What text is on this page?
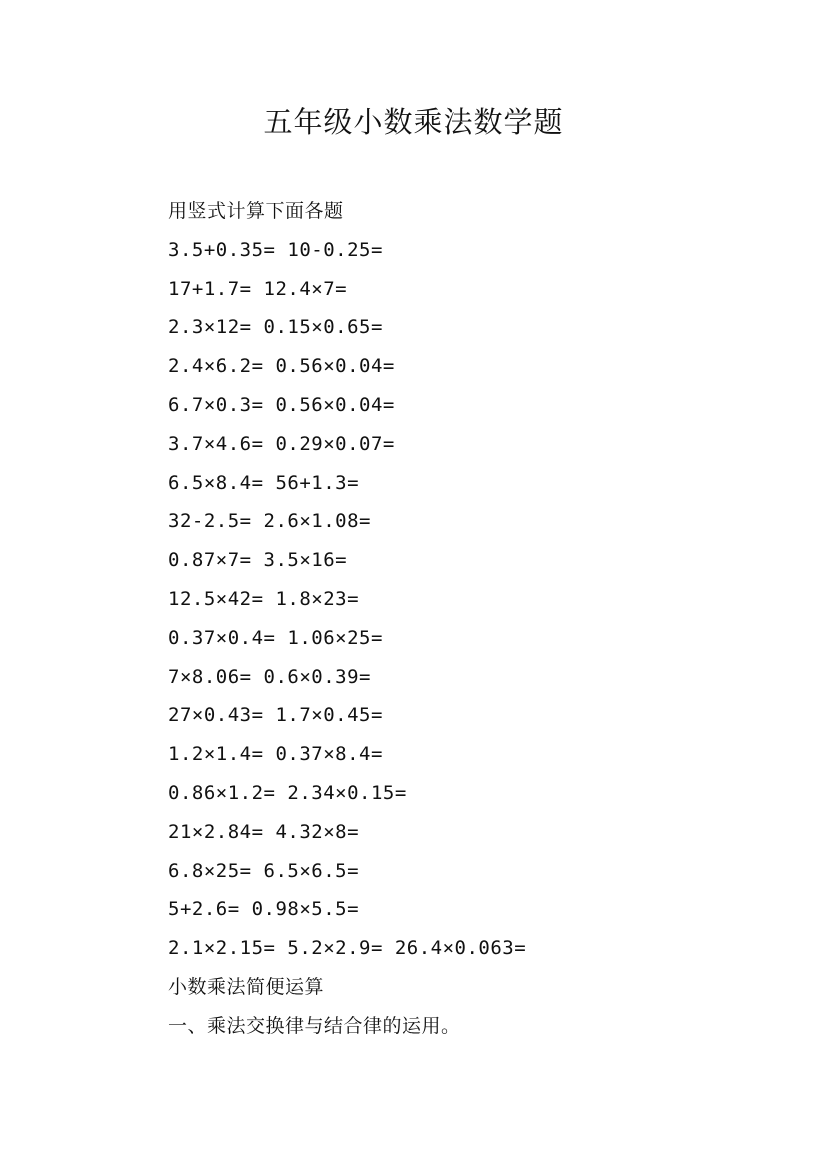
五年级小数乘法数学题
用竖式计算下面各题
3.5+0.35= 10-0.25=
17+1.7= 12.4×7=
2.3×12= 0.15×0.65=
2.4×6.2= 0.56×0.04=
6.7×0.3= 0.56×0.04=
3.7×4.6= 0.29×0.07=
6.5×8.4= 56+1.3=
32-2.5= 2.6×1.08=
0.87×7= 3.5×16=
12.5×42= 1.8×23=
0.37×0.4= 1.06×25=
7×8.06= 0.6×0.39=
27×0.43= 1.7×0.45=
1.2×1.4= 0.37×8.4=
0.86×1.2= 2.34×0.15=
21×2.84= 4.32×8=
6.8×25= 6.5×6.5=
5+2.6= 0.98×5.5=
2.1×2.15= 5.2×2.9= 26.4×0.063=
小数乘法简便运算
一、乘法交换律与结合律的运用。
